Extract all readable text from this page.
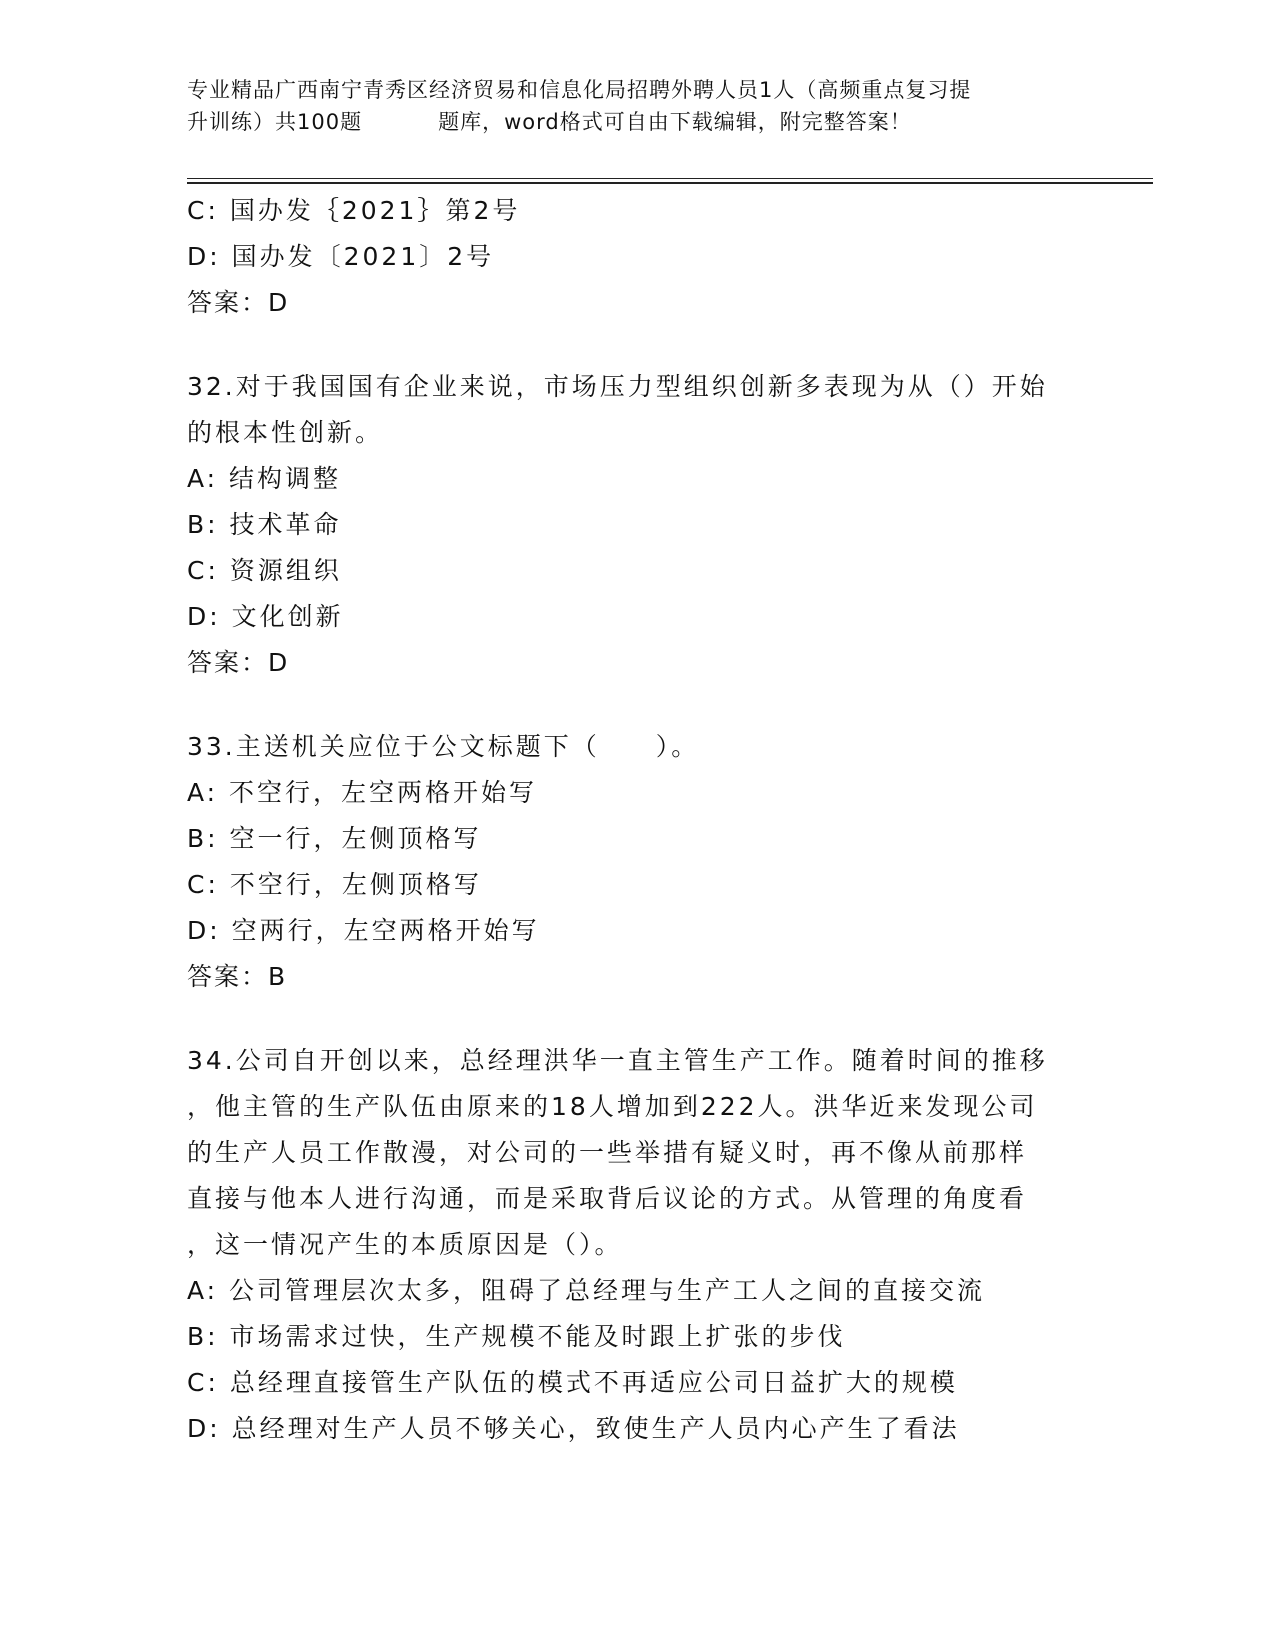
专业精品广西南宁青秀区经济贸易和信息化局招聘外聘人员1人（高频重点复习提
升训练）共100题	题库，word格式可自由下载编辑，附完整答案！
C: 国办发｛2021｝第2号
D: 国办发〔2021〕2号
答案：D
32.对于我国国有企业来说，市场压力型组织创新多表现为从（）开始
的根本性创新。
A: 结构调整
B: 技术革命
C: 资源组织
D: 文化创新
答案：D
33.主送机关应位于公文标题下（　　）。
A: 不空行，左空两格开始写
B: 空一行，左侧顶格写
C: 不空行，左侧顶格写
D: 空两行，左空两格开始写
答案：B
34.公司自开创以来，总经理洪华一直主管生产工作。随着时间的推移
，他主管的生产队伍由原来的18人增加到222人。洪华近来发现公司
的生产人员工作散漫，对公司的一些举措有疑义时，再不像从前那样
直接与他本人进行沟通，而是采取背后议论的方式。从管理的角度看
，这一情况产生的本质原因是（）。
A: 公司管理层次太多，阻碍了总经理与生产工人之间的直接交流
B: 市场需求过快，生产规模不能及时跟上扩张的步伐
C: 总经理直接管生产队伍的模式不再适应公司日益扩大的规模
D: 总经理对生产人员不够关心，致使生产人员内心产生了看法
